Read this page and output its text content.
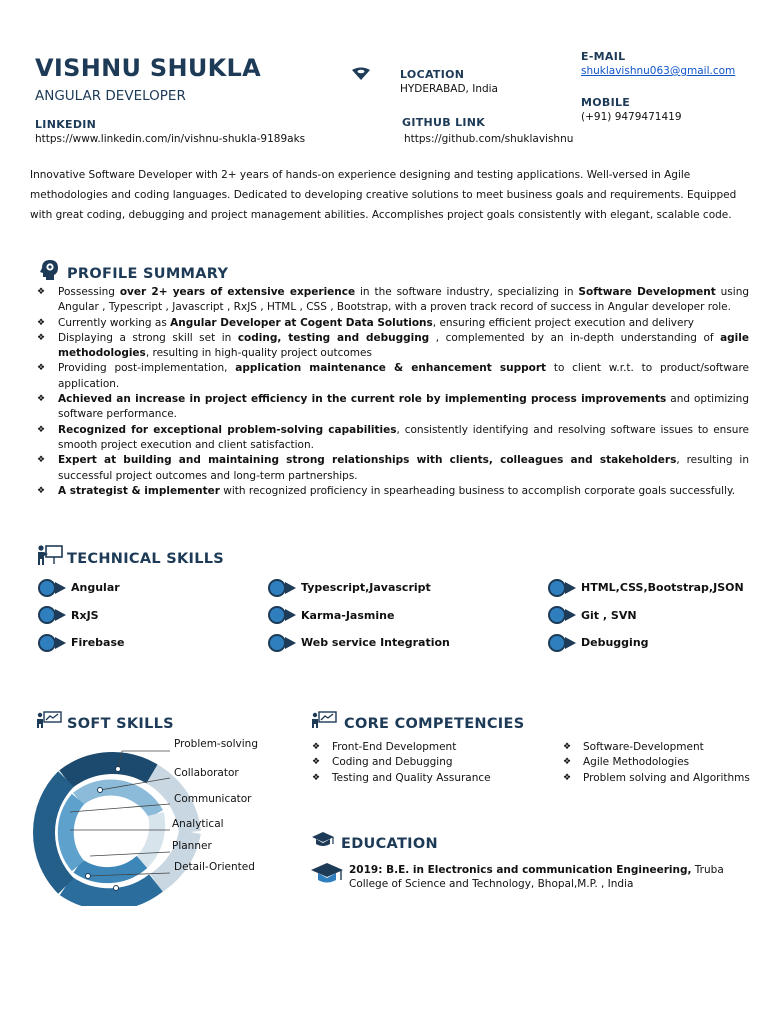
VISHNU SHUKLA
ANGULAR DEVELOPER
LINKEDIN
https://www.linkedin.com/in/vishnu-shukla-9189aks
LOCATION
HYDERABAD, India
GITHUB LINK
https://github.com/shuklavishnu
E-MAIL
shuklavishnu063@gmail.com
MOBILE
(+91) 9479471419
Innovative Software Developer with 2+ years of hands-on experience designing and testing applications. Well-versed in Agile methodologies and coding languages. Dedicated to developing creative solutions to meet business goals and requirements. Equipped with great coding, debugging and project management abilities. Accomplishes project goals consistently with elegant, scalable code.
PROFILE SUMMARY
❖ Possessing over 2+ years of extensive experience in the software industry, specializing in Software Development using Angular , Typescript , Javascript , RxJS , HTML , CSS , Bootstrap, with a proven track record of success in Angular developer role.
❖ Currently working as Angular Developer at Cogent Data Solutions, ensuring efficient project execution and delivery
❖ Displaying a strong skill set in coding, testing and debugging , complemented by an in-depth understanding of agile methodologies, resulting in high-quality project outcomes
❖ Providing post-implementation, application maintenance & enhancement support to client w.r.t. to product/software application.
❖ Achieved an increase in project efficiency in the current role by implementing process improvements and optimizing software performance.
❖ Recognized for exceptional problem-solving capabilities, consistently identifying and resolving software issues to ensure smooth project execution and client satisfaction.
❖ Expert at building and maintaining strong relationships with clients, colleagues and stakeholders, resulting in successful project outcomes and long-term partnerships.
❖ A strategist & implementer with recognized proficiency in spearheading business to accomplish corporate goals successfully.
TECHNICAL SKILLS
Angular
RxJS
Firebase
Typescript,Javascript
Karma-Jasmine
Web service Integration
HTML,CSS,Bootstrap,JSON
Git , SVN
Debugging
SOFT SKILLS
Problem-solving
Collaborator
Communicator
Analytical
Planner
Detail-Oriented
CORE COMPETENCIES
❖ Front-End Development
❖ Coding and Debugging
❖ Testing and Quality Assurance
❖ Software-Development
❖ Agile Methodologies
❖ Problem solving and Algorithms
EDUCATION
2019: B.E. in Electronics and communication Engineering, Truba
College of Science and Technology, Bhopal,M.P. , India
